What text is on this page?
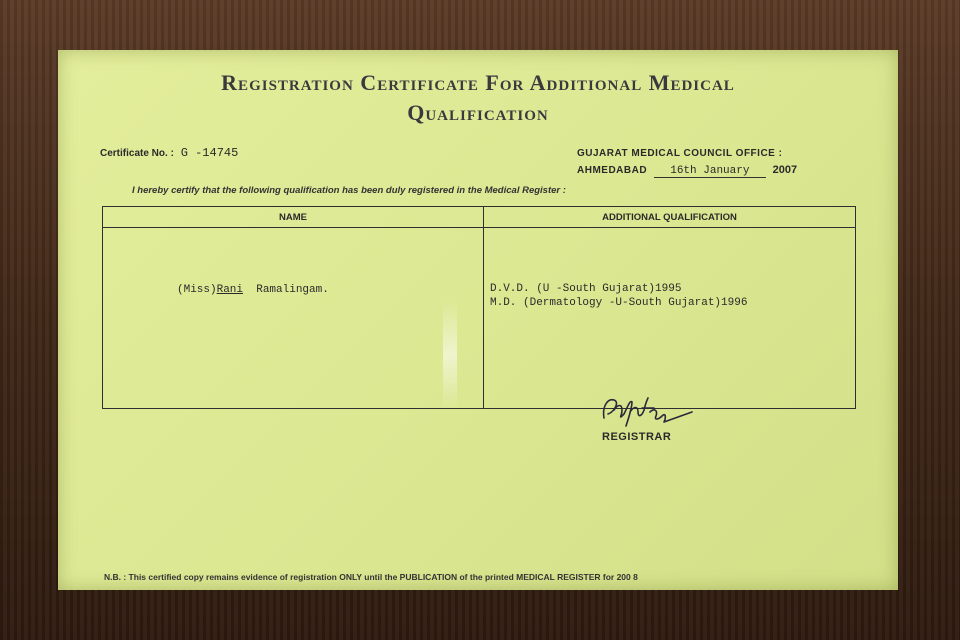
Registration Certificate For Additional Medical
Qualification
Certificate No. : G -14745	GUJARAT MEDICAL COUNCIL OFFICE :
AHMEDABAD 16th January 2007
I hereby certify that the following qualification has been duly registered in the Medical Register :
NAME	ADDITIONAL QUALIFICATION
(Miss)Rani Ramalingam.	D.V.D. (U -South Gujarat)1995
M.D. (Dermatology -U-South Gujarat)1996
REGISTRAR
N.B. : This certified copy remains evidence of registration ONLY until the PUBLICATION of the printed MEDICAL REGISTER for 200 8
